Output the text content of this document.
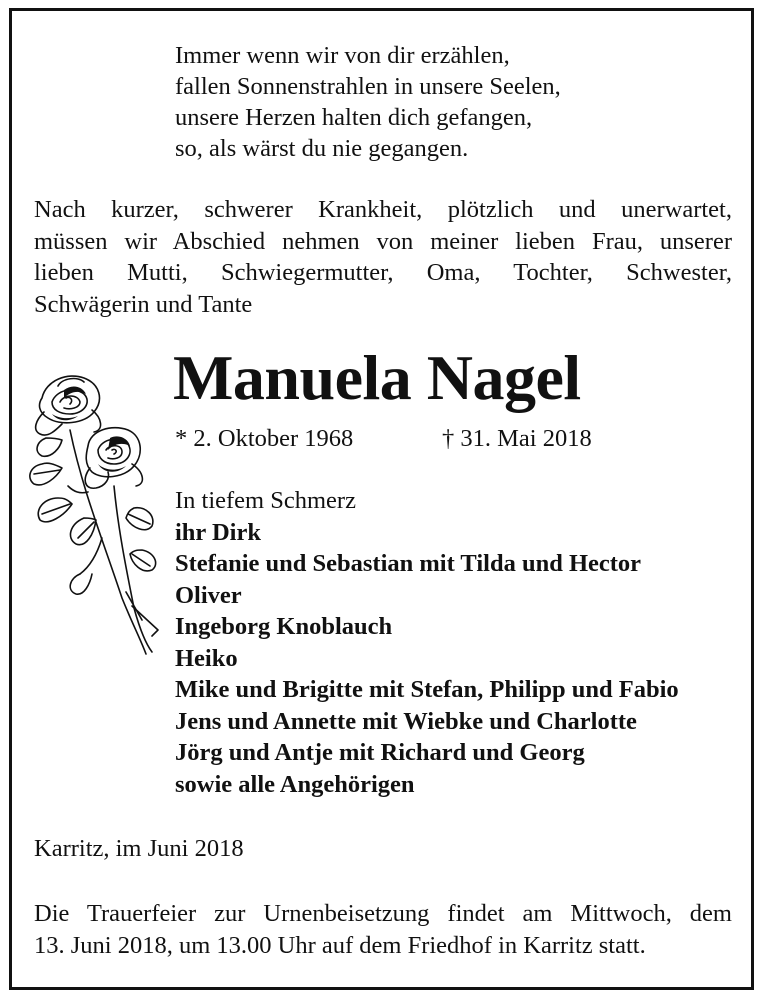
Immer wenn wir von dir erzählen,
fallen Sonnenstrahlen in unsere Seelen,
unsere Herzen halten dich gefangen,
so, als wärst du nie gegangen.
Nach kurzer, schwerer Krankheit, plötzlich und unerwartet,
müssen wir Abschied nehmen von meiner lieben Frau, unserer
lieben Mutti, Schwiegermutter, Oma, Tochter, Schwester,
Schwägerin und Tante
Manuela Nagel
* 2. Oktober 1968	† 31. Mai 2018
In tiefem Schmerz
ihr Dirk
Stefanie und Sebastian mit Tilda und Hector
Oliver
Ingeborg Knoblauch
Heiko
Mike und Brigitte mit Stefan, Philipp und Fabio
Jens und Annette mit Wiebke und Charlotte
Jörg und Antje mit Richard und Georg
sowie alle Angehörigen
Karritz, im Juni 2018
Die Trauerfeier zur Urnenbeisetzung findet am Mittwoch, dem
13. Juni 2018, um 13.00 Uhr auf dem Friedhof in Karritz statt.
